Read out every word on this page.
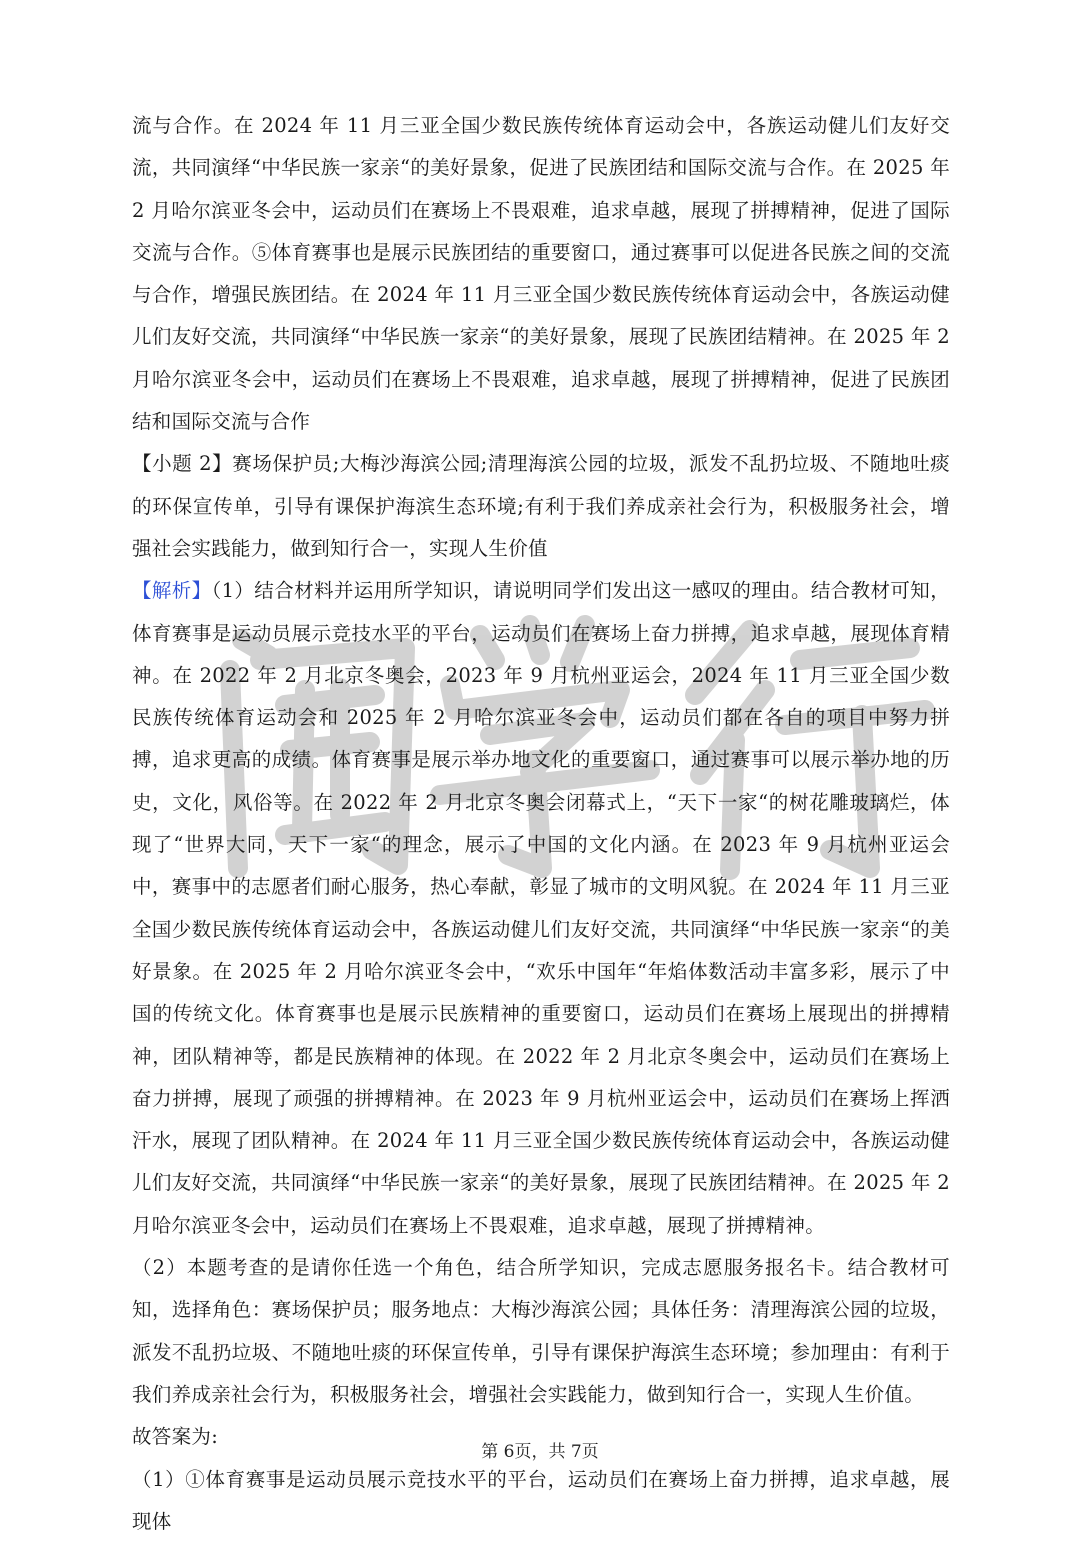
流与合作。在 2024 年 11 月三亚全国少数民族传统体育运动会中，各族运动健儿们友好交流，共同演绎“中华民族一家亲“的美好景象，促进了民族团结和国际交流与合作。在 2025 年 2 月哈尔滨亚冬会中，运动员们在赛场上不畏艰难，追求卓越，展现了拼搏精神，促进了国际交流与合作。⑤体育赛事也是展示民族团结的重要窗口，通过赛事可以促进各民族之间的交流与合作，增强民族团结。在 2024 年 11 月三亚全国少数民族传统体育运动会中，各族运动健儿们友好交流，共同演绎“中华民族一家亲“的美好景象，展现了民族团结精神。在 2025 年 2 月哈尔滨亚冬会中，运动员们在赛场上不畏艰难，追求卓越，展现了拼搏精神，促进了民族团结和国际交流与合作

【小题 2】赛场保护员;大梅沙海滨公园;清理海滨公园的垃圾，派发不乱扔垃圾、不随地吐痰的环保宣传单，引导有课保护海滨生态环境;有利于我们养成亲社会行为，积极服务社会，增强社会实践能力，做到知行合一，实现人生价值

【解析】（1）结合材料并运用所学知识，请说明同学们发出这一感叹的理由。结合教材可知，体育赛事是运动员展示竞技水平的平台，运动员们在赛场上奋力拼搏，追求卓越，展现体育精神。在 2022 年 2 月北京冬奥会，2023 年 9 月杭州亚运会，2024 年 11 月三亚全国少数民族传统体育运动会和 2025 年 2 月哈尔滨亚冬会中，运动员们都在各自的项目中努力拼搏，追求更高的成绩。体育赛事是展示举办地文化的重要窗口，通过赛事可以展示举办地的历史，文化，风俗等。在 2022 年 2 月北京冬奥会闭幕式上，“天下一家“的树花雕玻璃烂，体现了“世界大同，天下一家“的理念，展示了中国的文化内涵。在 2023 年 9 月杭州亚运会中，赛事中的志愿者们耐心服务，热心奉献，彰显了城市的文明风貌。在 2024 年 11 月三亚全国少数民族传统体育运动会中，各族运动健儿们友好交流，共同演绎“中华民族一家亲“的美好景象。在 2025 年 2 月哈尔滨亚冬会中，“欢乐中国年“年焰体数活动丰富多彩，展示了中国的传统文化。体育赛事也是展示民族精神的重要窗口，运动员们在赛场上展现出的拼搏精神，团队精神等，都是民族精神的体现。在 2022 年 2 月北京冬奥会中，运动员们在赛场上奋力拼搏，展现了顽强的拼搏精神。在 2023 年 9 月杭州亚运会中，运动员们在赛场上挥洒汗水，展现了团队精神。在 2024 年 11 月三亚全国少数民族传统体育运动会中，各族运动健儿们友好交流，共同演绎“中华民族一家亲“的美好景象，展现了民族团结精神。在 2025 年 2 月哈尔滨亚冬会中，运动员们在赛场上不畏艰难，追求卓越，展现了拼搏精神。

（2）本题考查的是请你任选一个角色，结合所学知识，完成志愿服务报名卡。结合教材可知，选择角色：赛场保护员；服务地点：大梅沙海滨公园；具体任务：清理海滨公园的垃圾，派发不乱扔垃圾、不随地吐痰的环保宣传单，引导有课保护海滨生态环境；参加理由：有利于我们养成亲社会行为，积极服务社会，增强社会实践能力，做到知行合一，实现人生价值。

故答案为:

（1）①体育赛事是运动员展示竞技水平的平台，运动员们在赛场上奋力拼搏，追求卓越，展现体

第 6页，共 7页
